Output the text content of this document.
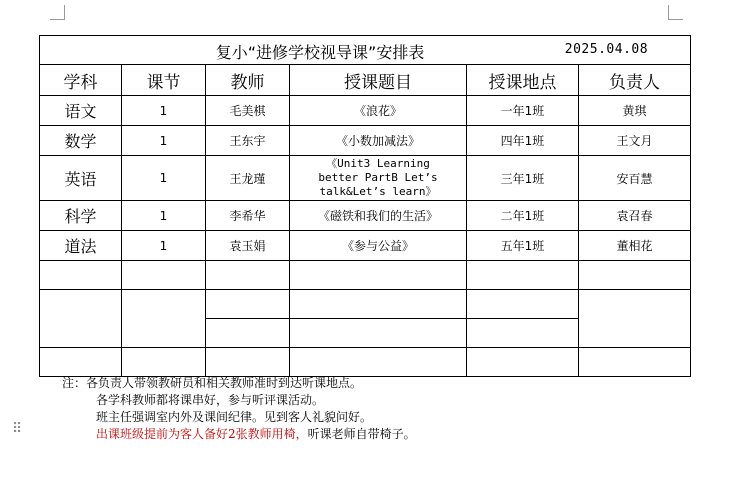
⠿
复小“进修学校视导课”安排表 2025.04.08					

学科	课节	教师	授课题目	授课地点	负责人
语文	1	毛美棋	《浪花》	一年1班	黄琪
数学	1	王东宇	《小数加减法》	四年1班	王文月
英语	1	王龙瑾	《Unit3 Learning
better PartB Let’s
talk&Let’s learn》	三年1班	安百慧
科学	1	李希华	《磁铁和我们的生活》	二年1班	袁召春
道法	1	袁玉娟	《参与公益》	五年1班	董相花

注：各负责人带领教研员和相关教师准时到达听课地点。
各学科教师都将课串好，参与听评课活动。
班主任强调室内外及课间纪律。见到客人礼貌问好。
出课班级提前为客人备好2张教师用椅，听课老师自带椅子。
